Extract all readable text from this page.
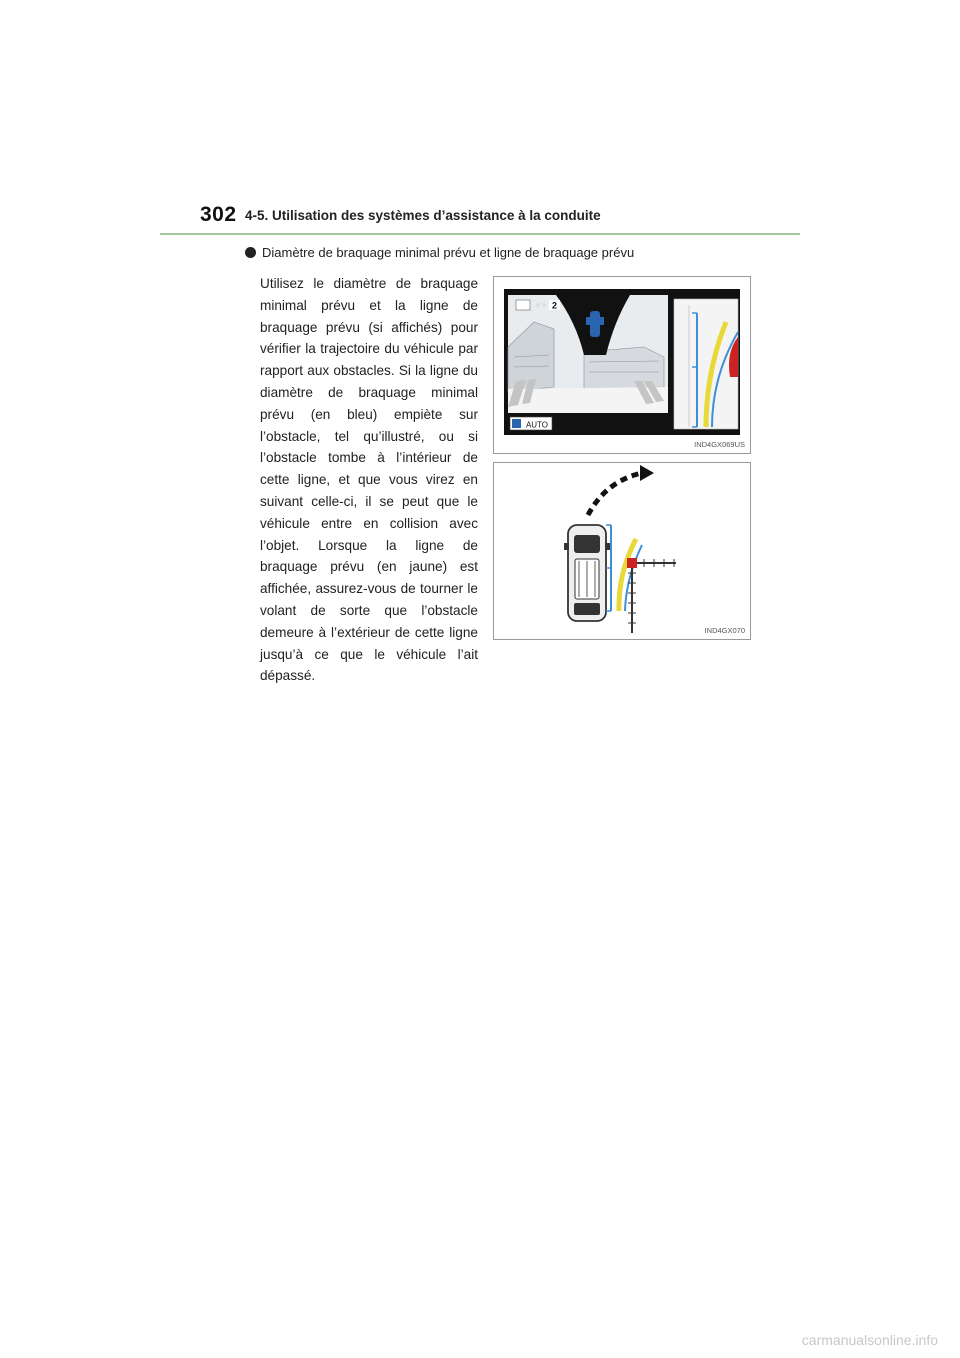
302 4-5. Utilisation des systèmes d’assistance à la conduite
Diamètre de braquage minimal prévu et ligne de braquage prévu
Utilisez le diamètre de braquage minimal prévu et la ligne de braquage prévu (si affichés) pour vérifier la trajectoire du véhicule par rapport aux obstacles. Si la ligne du diamètre de braquage minimal prévu (en bleu) empiète sur l’obstacle, tel qu’illustré, ou si l’obstacle tombe à l’intérieur de cette ligne, et que vous virez en suivant celle-ci, il se peut que le véhicule entre en collision avec l’objet. Lorsque la ligne de braquage prévu (en jaune) est affichée, assurez-vous de tourner le volant de sorte que l’obstacle demeure à l’extérieur de cette ligne jusqu’à ce que le véhicule l’ait dépassé.
2
AUTO
IND4GX069US
IND4GX070
carmanualsonline.info
